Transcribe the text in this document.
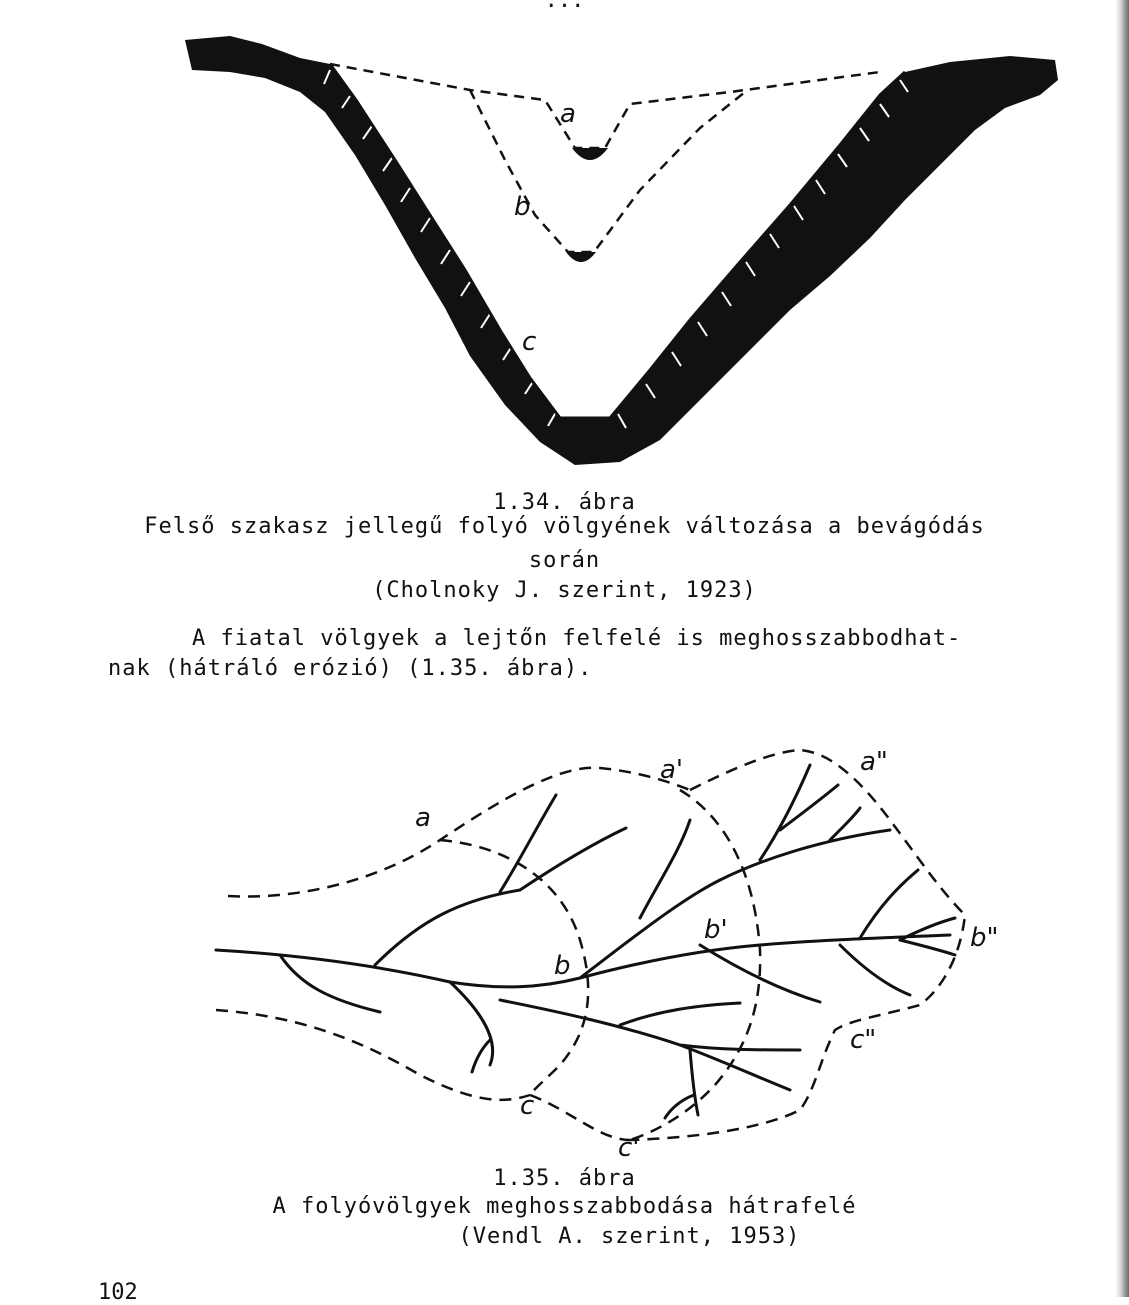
a
b
c
1.34. ábra
Felső szakasz jellegű folyó völgyének változása a bevágódás
során
(Cholnoky J. szerint, 1923)
A fiatal völgyek a lejtőn felfelé is meghosszabbodhat-
nak (hátráló erózió) (1.35. ábra).
a
a'	a"
b
b'	b"
c
c'
c"
1.35. ábra
A folyóvölgyek meghosszabbodása hátrafelé
(Vendl A. szerint, 1953)
...
102
